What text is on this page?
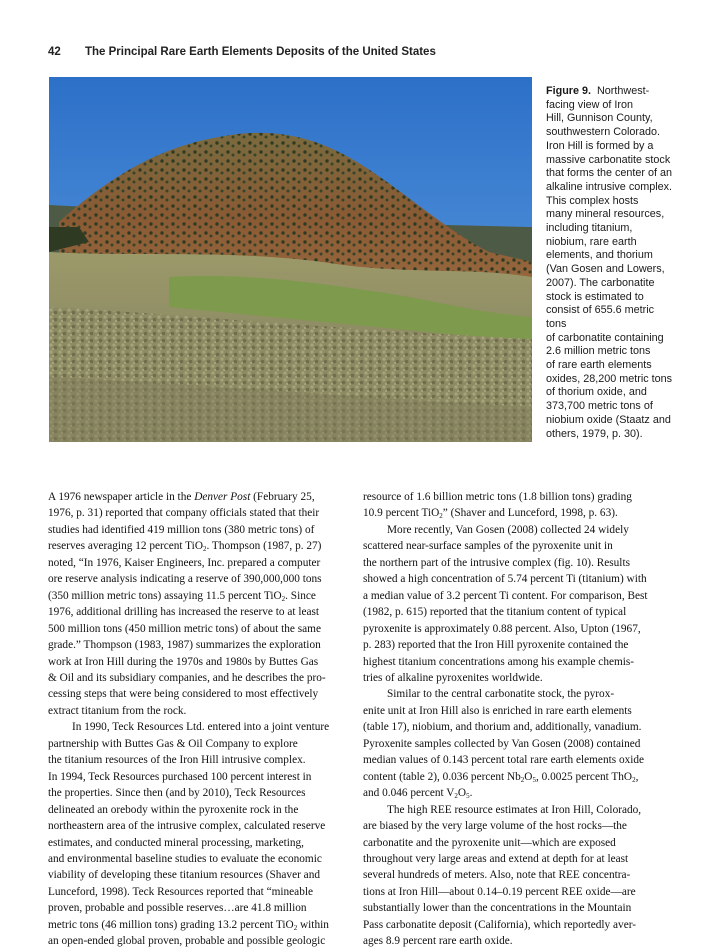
42 The Principal Rare Earth Elements Deposits of the United States
Figure 9. Northwest-
facing view of Iron
Hill, Gunnison County,
southwestern Colorado.
Iron Hill is formed by a
massive carbonatite stock
that forms the center of an
alkaline intrusive complex.
This complex hosts
many mineral resources,
including titanium,
niobium, rare earth
elements, and thorium
(Van Gosen and Lowers,
2007). The carbonatite
stock is estimated to
consist of 655.6 metric tons
of carbonatite containing
2.6 million metric tons
of rare earth elements
oxides, 28,200 metric tons
of thorium oxide, and
373,700 metric tons of
niobium oxide (Staatz and
others, 1979, p. 30).

A 1976 newspaper article in the Denver Post (February 25,

1976, p. 31) reported that company officials stated that their

studies had identified 419 million tons (380 metric tons) of

reserves averaging 12 percent TiO$_2$. Thompson (1987, p. 27)

noted, “In 1976, Kaiser Engineers, Inc. prepared a computer

ore reserve analysis indicating a reserve of 390,000,000 tons

(350 million metric tons) assaying 11.5 percent TiO$_2$. Since

1976, additional drilling has increased the reserve to at least

500 million tons (450 million metric tons) of about the same

grade.” Thompson (1983, 1987) summarizes the exploration

work at Iron Hill during the 1970s and 1980s by Buttes Gas

& Oil and its subsidiary companies, and he describes the pro-

cessing steps that were being considered to most effectively

extract titanium from the rock.

In 1990, Teck Resources Ltd. entered into a joint venture

partnership with Buttes Gas & Oil Company to explore

the titanium resources of the Iron Hill intrusive complex.

In 1994, Teck Resources purchased 100 percent interest in

the properties. Since then (and by 2010), Teck Resources

delineated an orebody within the pyroxenite rock in the

northeastern area of the intrusive complex, calculated reserve

estimates, and conducted mineral processing, marketing,

and environmental baseline studies to evaluate the economic

viability of developing these titanium resources (Shaver and

Lunceford, 1998). Teck Resources reported that “mineable

proven, probable and possible reserves…are 41.8 million

metric tons (46 million tons) grading 13.2 percent TiO$_2$ within

an open-ended global proven, probable and possible geologic

resource of 1.6 billion metric tons (1.8 billion tons) grading

10.9 percent TiO$_2$” (Shaver and Lunceford, 1998, p. 63).

More recently, Van Gosen (2008) collected 24 widely

scattered near-surface samples of the pyroxenite unit in

the northern part of the intrusive complex (fig. 10). Results

showed a high concentration of 5.74 percent Ti (titanium) with

a median value of 3.2 percent Ti content. For comparison, Best

(1982, p. 615) reported that the titanium content of typical

pyroxenite is approximately 0.88 percent. Also, Upton (1967,

p. 283) reported that the Iron Hill pyroxenite contained the

highest titanium concentrations among his example chemis-

tries of alkaline pyroxenites worldwide.

Similar to the central carbonatite stock, the pyrox-

enite unit at Iron Hill also is enriched in rare earth elements

(table 17), niobium, and thorium and, additionally, vanadium.

Pyroxenite samples collected by Van Gosen (2008) contained

median values of 0.143 percent total rare earth elements oxide

content (table 2), 0.036 percent $Nb_2O_5$, 0.0025 percent ThO$_2$,

and 0.046 percent $V_2O_5$.

The high REE resource estimates at Iron Hill, Colorado,

are biased by the very large volume of the host rocks—the

carbonatite and the pyroxenite unit—which are exposed

throughout very large areas and extend at depth for at least

several hundreds of meters. Also, note that REE concentra-

tions at Iron Hill—about 0.14–0.19 percent REE oxide—are

substantially lower than the concentrations in the Mountain

Pass carbonatite deposit (California), which reportedly aver-

ages 8.9 percent rare earth oxide.
